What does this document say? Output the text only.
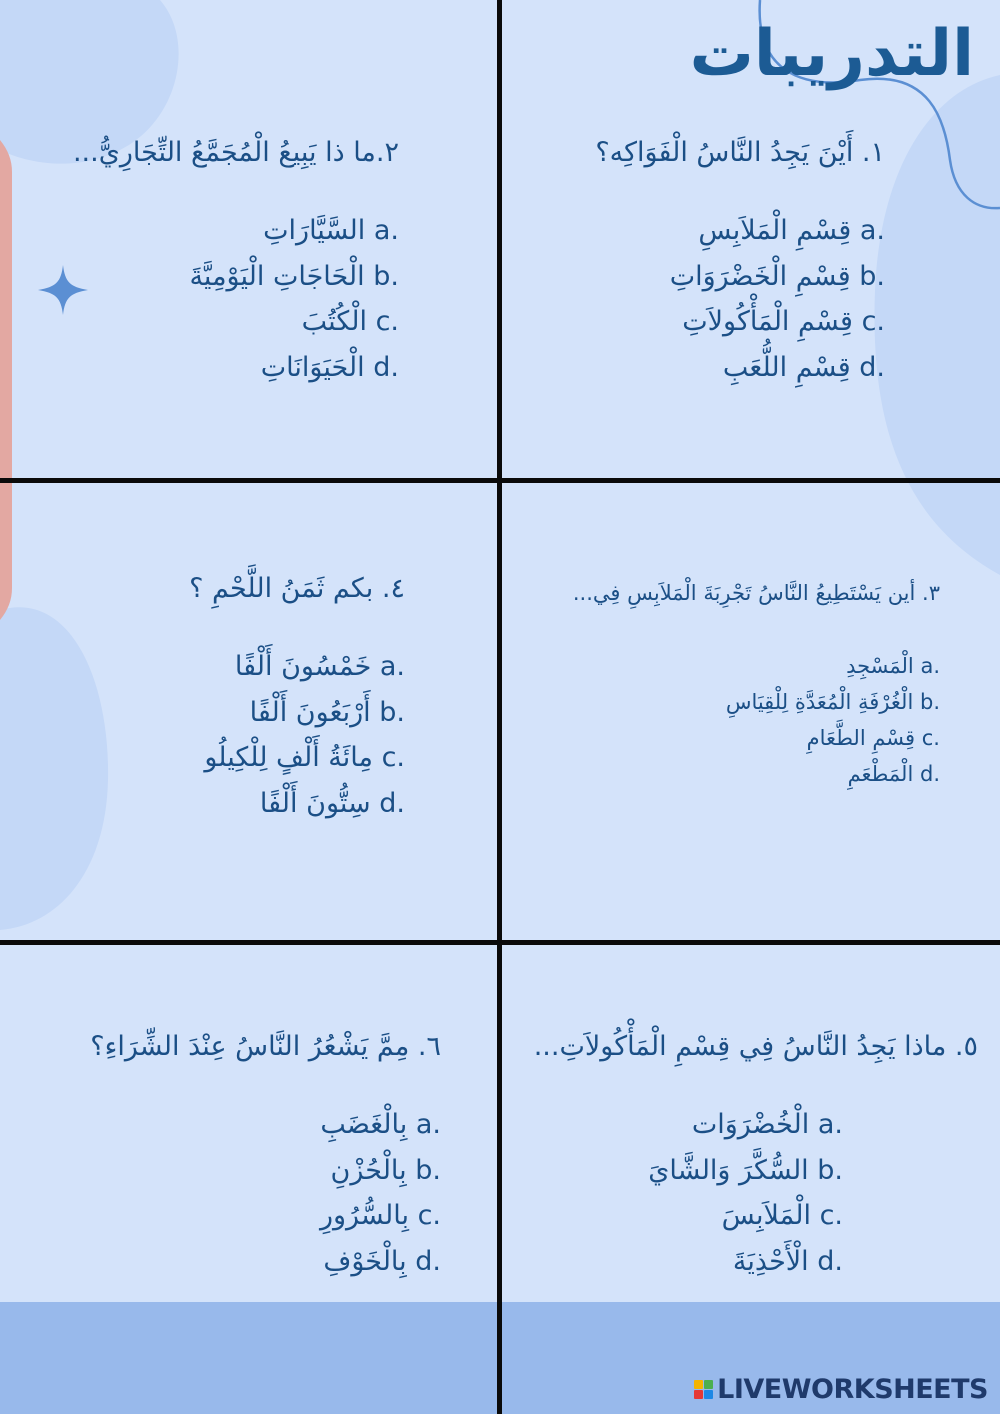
التدريبات
١. أَيْنَ يَجِدُ النَّاسُ الْفَوَاكِه؟
قِسْمِ الْمَلاَبِسِ a.
قِسْمِ الْخَضْرَوَاتِ b.
قِسْمِ الْمَأْكُولاَتِ c.
قِسْمِ اللُّعَبِ d.
٢.ما ذا يَبِيعُ الْمُجَمَّعُ التِّجَارِيُّ...
السَّيَّارَاتِ a.
الْحَاجَاتِ الْيَوْمِيَّةَ b.
الْكُتُبَ c.
الْحَيَوَانَاتِ d.
٣. أين يَسْتَطِيعُ النَّاسُ تَجْرِبَةَ الْمَلاَبِسِ فِي...
الْمَسْجِدِ a.
الْغُرْفَةِ الْمُعَدَّةِ لِلْقِيَاسِ b.
قِسْمِ الطَّعَامِ c.
الْمَطْعَمِ d.
٤. بكم ثَمَنُ اللَّحْمِ ؟
خَمْسُونَ أَلْفًا a.
أَرْبَعُونَ أَلْفًا b.
مِائَةُ أَلْفٍ لِلْكِيلُو c.
سِتُّونَ أَلْفًا d.
٥. ماذا يَجِدُ النَّاسُ فِي قِسْمِ الْمَأْكُولاَتِ...
الْخُضْرَوَات a.
السُّكَّرَ وَالشَّايَ b.
الْمَلاَبِسَ c.
الْأَحْذِيَةَ d.
٦. مِمَّ يَشْعُرُ النَّاسُ عِنْدَ الشِّرَاءِ؟
بِالْغَضَبِ a.
بِالْحُزْنِ b.
بِالسُّرُورِ c.
بِالْخَوْفِ d.
LIVEWORKSHEETS
